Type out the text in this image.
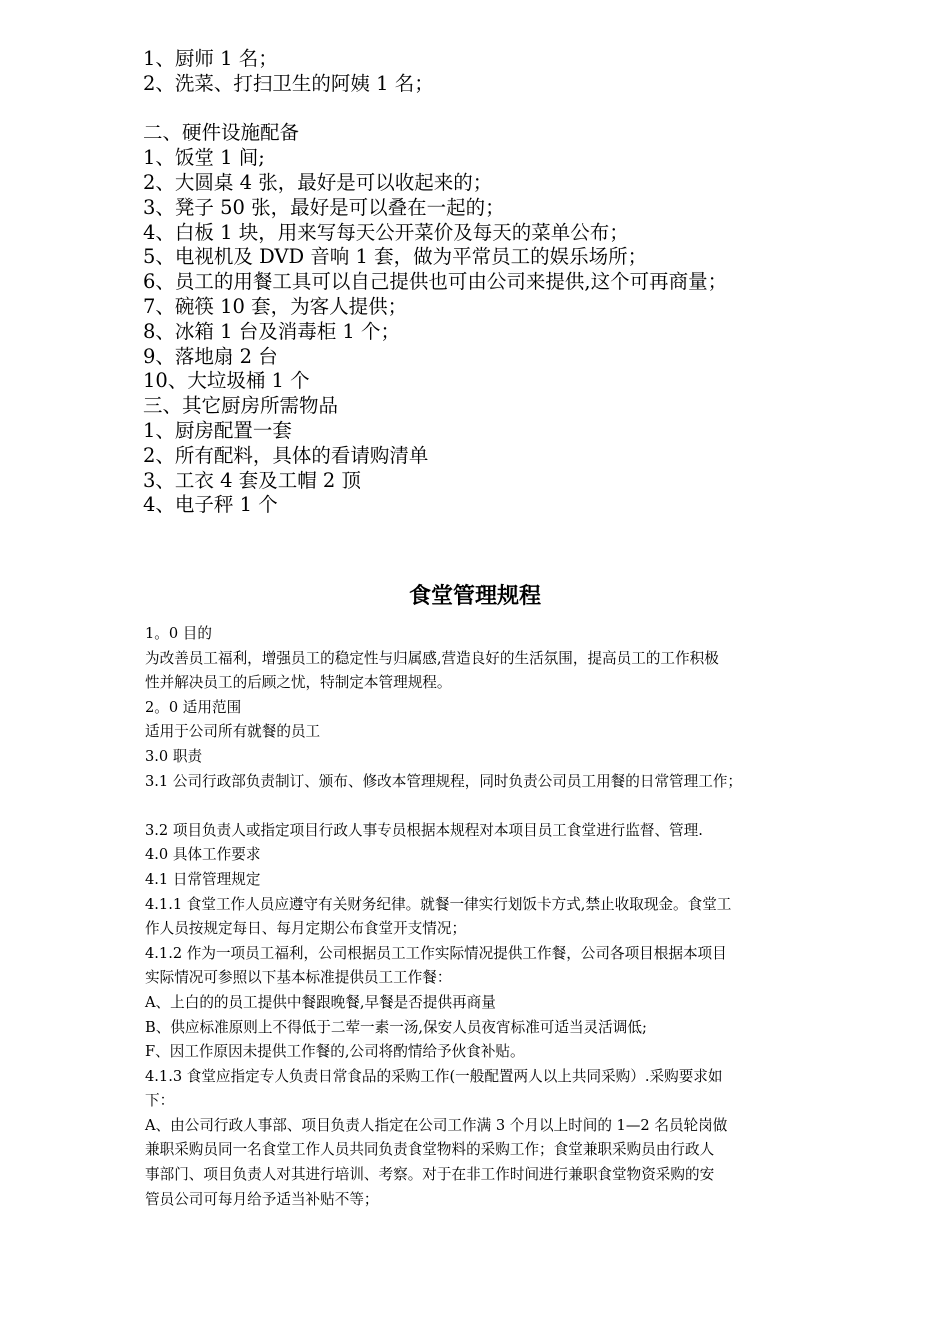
1、厨师 1 名；
2、洗菜、打扫卫生的阿姨 1 名；
二、硬件设施配备
1、饭堂 1 间;
2、大圆桌 4 张，最好是可以收起来的；
3、凳子 50 张，最好是可以叠在一起的；
4、白板 1 块，用来写每天公开菜价及每天的菜单公布；
5、电视机及 DVD 音响 1 套，做为平常员工的娱乐场所；
6、员工的用餐工具可以自己提供也可由公司来提供,这个可再商量；
7、碗筷 10 套，为客人提供；
8、冰箱 1 台及消毒柜 1 个；
9、落地扇 2 台
10、大垃圾桶 1 个
三、其它厨房所需物品
1、厨房配置一套
2、所有配料，具体的看请购清单
3、工衣 4 套及工帽 2 顶
4、电子秤 1 个
食堂管理规程
1。0 目的
为改善员工福利，增强员工的稳定性与归属感,营造良好的生活氛围，提高员工的工作积极
性并解决员工的后顾之忧，特制定本管理规程。
2。0 适用范围
适用于公司所有就餐的员工
3.0 职责
3.1 公司行政部负责制订、颁布、修改本管理规程，同时负责公司员工用餐的日常管理工作；
3.2 项目负责人或指定项目行政人事专员根据本规程对本项目员工食堂进行监督、管理.
4.0 具体工作要求
4.1 日常管理规定
4.1.1 食堂工作人员应遵守有关财务纪律。就餐一律实行划饭卡方式,禁止收取现金。食堂工
作人员按规定每日、每月定期公布食堂开支情况；
4.1.2 作为一项员工福利，公司根据员工工作实际情况提供工作餐，公司各项目根据本项目
实际情况可参照以下基本标准提供员工工作餐：
A、上白的的员工提供中餐跟晚餐,早餐是否提供再商量
B、供应标准原则上不得低于二荤一素一汤,保安人员夜宵标准可适当灵活调低;
F、因工作原因未提供工作餐的,公司将酌情给予伙食补贴。
4.1.3 食堂应指定专人负责日常食品的采购工作(一般配置两人以上共同采购）.采购要求如
下：
A、由公司行政人事部、项目负责人指定在公司工作满 3 个月以上时间的 1—2 名员轮岗做
兼职采购员同一名食堂工作人员共同负责食堂物料的采购工作；食堂兼职采购员由行政人
事部门、项目负责人对其进行培训、考察。对于在非工作时间进行兼职食堂物资采购的安
管员公司可每月给予适当补贴不等；
